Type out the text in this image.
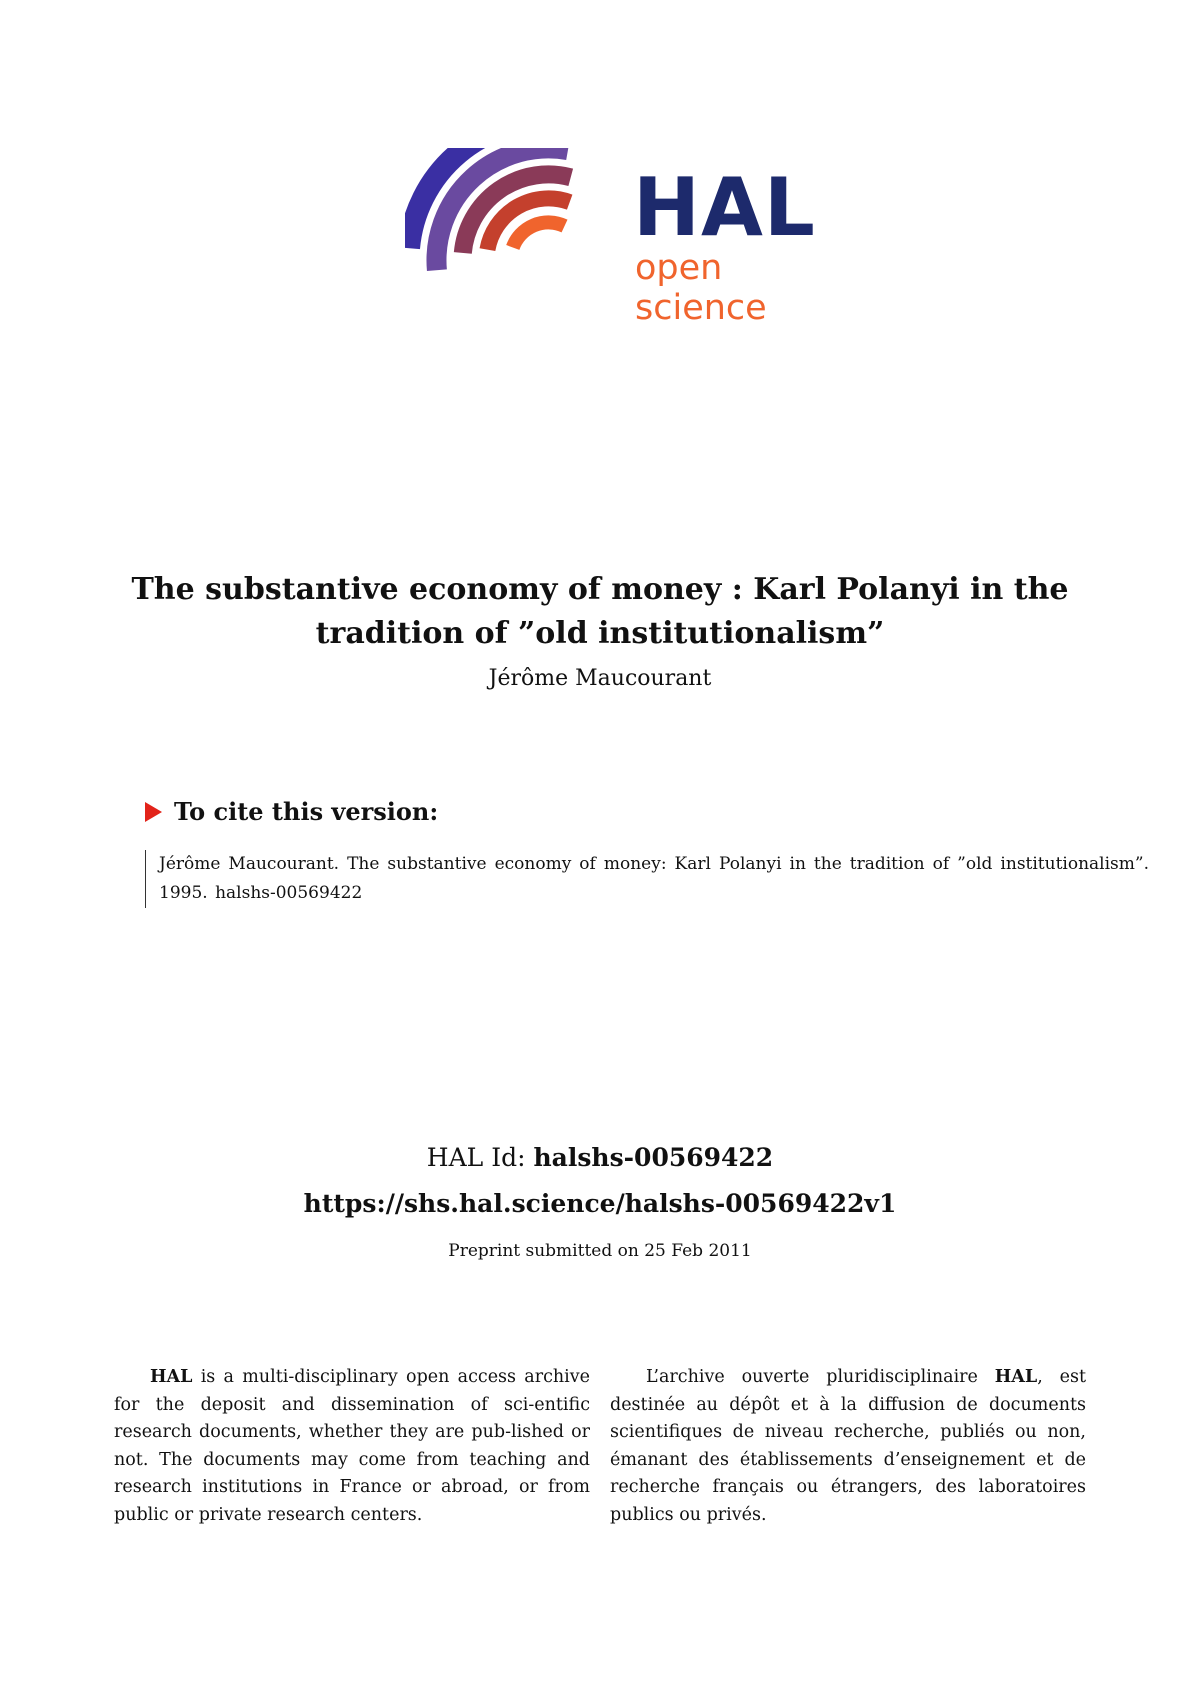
HAL
open science
The substantive economy of money : Karl Polanyi in the tradition of ”old institutionalism”
Jérôme Maucourant
To cite this version:
Jérôme Maucourant. The substantive economy of money: Karl Polanyi in the tradition of ”old institutionalism”. 1995. halshs-00569422
HAL Id: halshs-00569422
https://shs.hal.science/halshs-00569422v1
Preprint submitted on 25 Feb 2011
HAL is a multi-disciplinary open access archive for the deposit and dissemination of sci-entific research documents, whether they are pub-lished or not. The documents may come from teaching and research institutions in France or abroad, or from public or private research centers.
L’archive ouverte pluridisciplinaire HAL, est destinée au dépôt et à la diffusion de documents scientifiques de niveau recherche, publiés ou non, émanant des établissements d’enseignement et de recherche français ou étrangers, des laboratoires publics ou privés.
